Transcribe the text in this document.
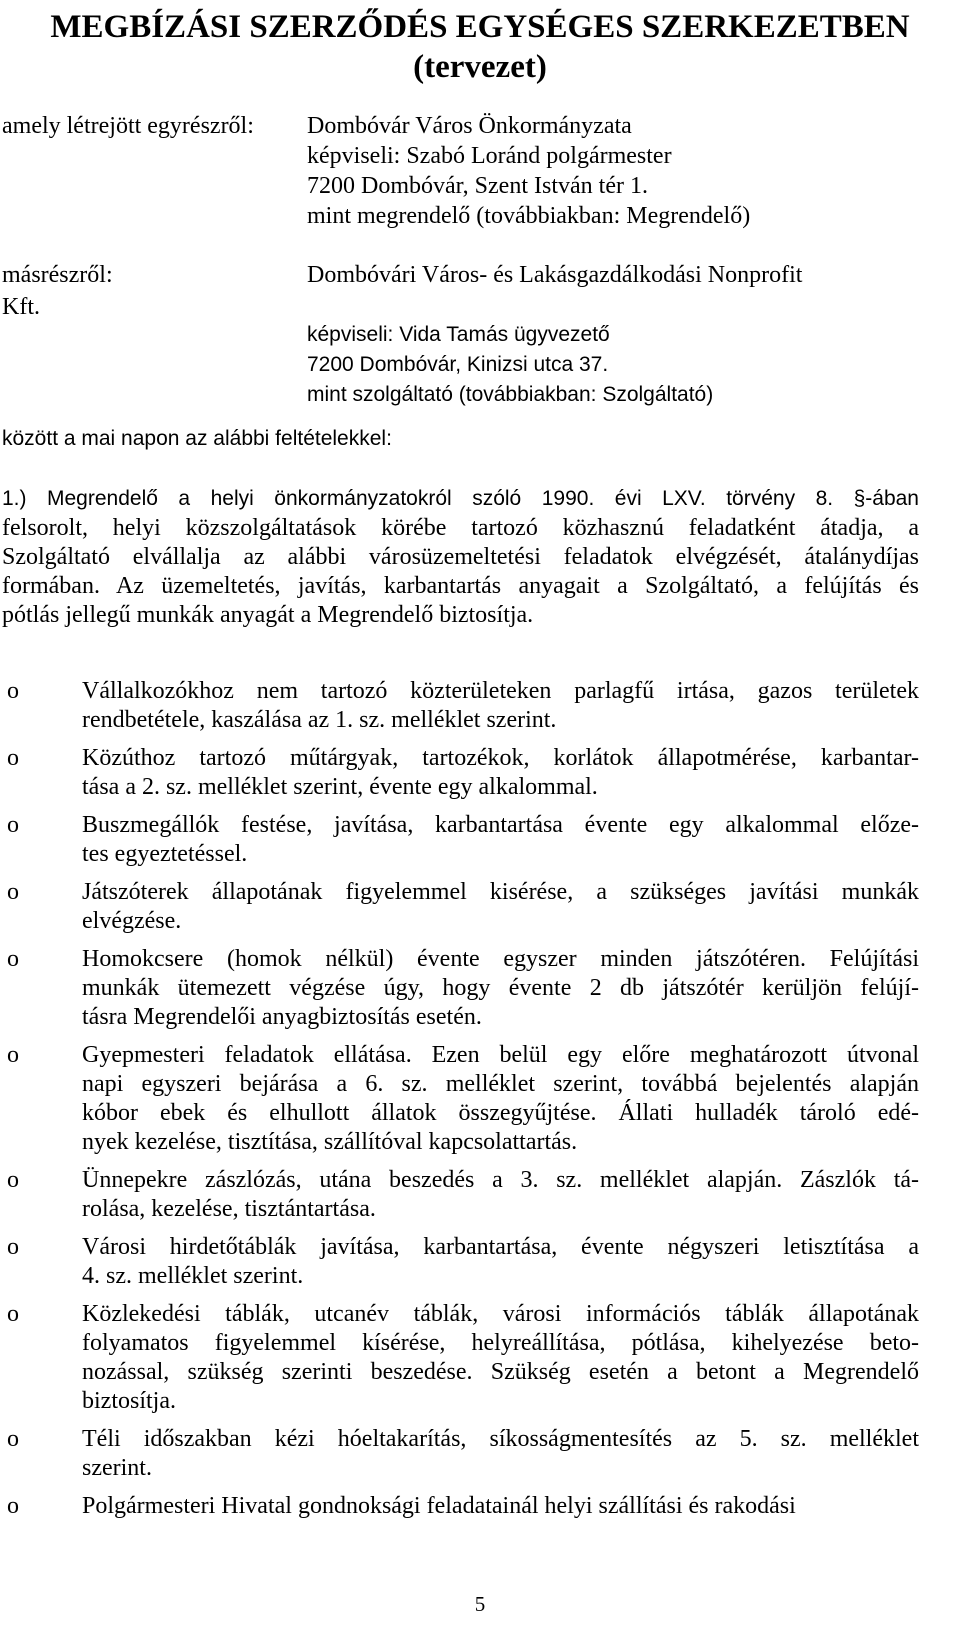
MEGBÍZÁSI SZERZŐDÉS EGYSÉGES SZERKEZETBEN
(tervezet)
amely létrejött egyrészről: Dombóvár Város Önkormányzata
képviseli: Szabó Loránd polgármester
7200 Dombóvár, Szent István tér 1.
mint megrendelő (továbbiakban: Megrendelő)
másrészről:	Dombóvári Város- és Lakásgazdálkodási Nonprofit
Kft.
képviseli: Vida Tamás ügyvezető
7200 Dombóvár, Kinizsi utca 37.
mint szolgáltató (továbbiakban: Szolgáltató)
között a mai napon az alábbi feltételekkel:
1.) Megrendelő a helyi önkormányzatokról szóló 1990. évi LXV. törvény 8. §-ában
felsorolt, helyi közszolgáltatások körébe tartozó közhasznú feladatként átadja, a
Szolgáltató elvállalja az alábbi városüzemeltetési feladatok elvégzését, átalánydíjas
formában. Az üzemeltetés, javítás, karbantartás anyagait a Szolgáltató, a felújítás és
pótlás jellegű munkák anyagát a Megrendelő biztosítja.
o	Vállalkozókhoz nem tartozó közterületeken parlagfű irtása, gazos területek
rendbetétele, kaszálása az 1. sz. melléklet szerint.
o	Közúthoz tartozó műtárgyak, tartozékok, korlátok állapotmérése, karbantar-
tása a 2. sz. melléklet szerint, évente egy alkalommal.
o	Buszmegállók festése, javítása, karbantartása évente egy alkalommal előze-
tes egyeztetéssel.
o	Játszóterek állapotának figyelemmel kisérése, a szükséges javítási munkák
elvégzése.
o	Homokcsere (homok nélkül) évente egyszer minden játszótéren. Felújítási
munkák ütemezett végzése úgy, hogy évente 2 db játszótér kerüljön felújí-
tásra Megrendelői anyagbiztosítás esetén.
o	Gyepmesteri feladatok ellátása. Ezen belül egy előre meghatározott útvonal
napi egyszeri bejárása a 6. sz. melléklet szerint, továbbá bejelentés alapján
kóbor ebek és elhullott állatok összegyűjtése. Állati hulladék tároló edé-
nyek kezelése, tisztítása, szállítóval kapcsolattartás.
o	Ünnepekre zászlózás, utána beszedés a 3. sz. melléklet alapján. Zászlók tá-
rolása, kezelése, tisztántartása.
o	Városi hirdetőtáblák javítása, karbantartása, évente négyszeri letisztítása a
4. sz. melléklet szerint.
o	Közlekedési táblák, utcanév táblák, városi információs táblák állapotának
folyamatos figyelemmel kísérése, helyreállítása, pótlása, kihelyezése beto-
nozással, szükség szerinti beszedése. Szükség esetén a betont a Megrendelő
biztosítja.
o	Téli időszakban kézi hóeltakarítás, síkosságmentesítés az 5. sz. melléklet
szerint.
o	Polgármesteri Hivatal gondnoksági feladatainál helyi szállítási és rakodási
5
